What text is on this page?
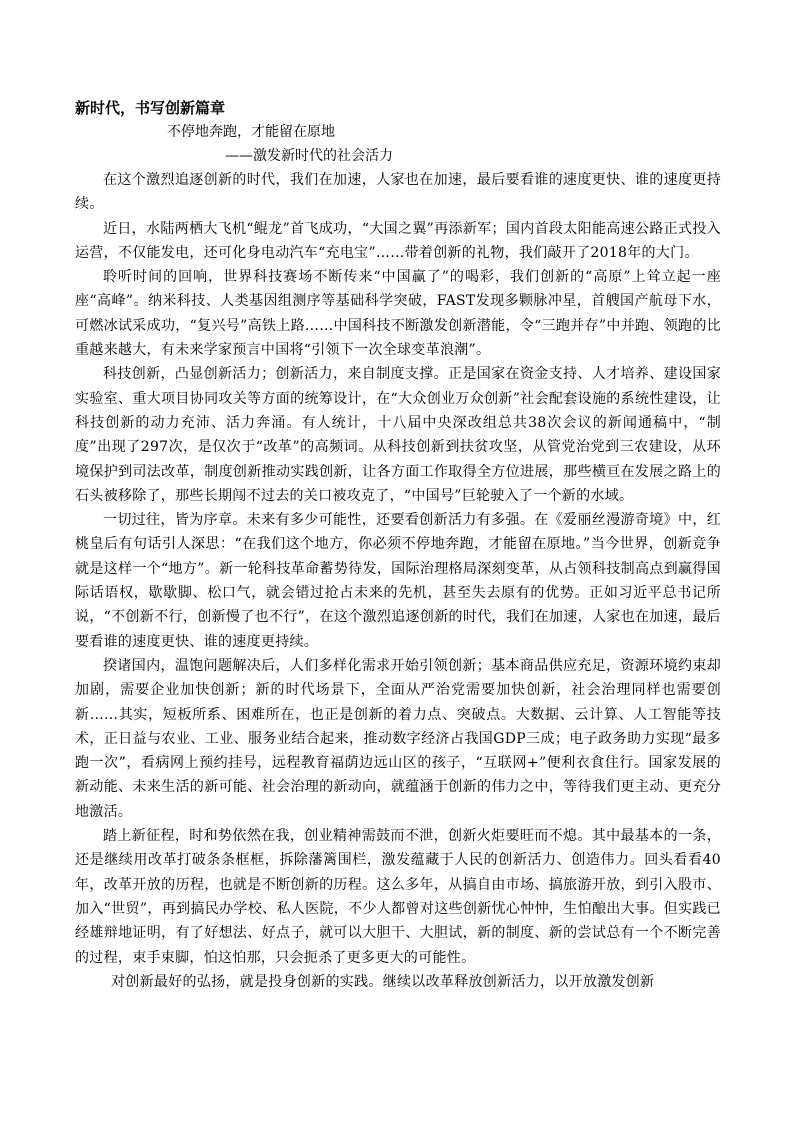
新时代，书写创新篇章

不停地奔跑，才能留在原地

——激发新时代的社会活力

在这个激烈追逐创新的时代，我们在加速，人家也在加速，最后要看谁的速度更快、谁的速度更持续。

近日，水陆两栖大飞机“鲲龙”首飞成功，“大国之翼”再添新军；国内首段太阳能高速公路正式投入运营，不仅能发电，还可化身电动汽车“充电宝”……带着创新的礼物，我们敲开了2018年的大门。

聆听时间的回响，世界科技赛场不断传来“中国赢了”的喝彩，我们创新的“高原”上耸立起一座座“高峰”。纳米科技、人类基因组测序等基础科学突破，FAST发现多颗脉冲星，首艘国产航母下水，可燃冰试采成功，“复兴号”高铁上路……中国科技不断激发创新潜能，令“三跑并存”中并跑、领跑的比重越来越大，有未来学家预言中国将“引领下一次全球变革浪潮”。

科技创新，凸显创新活力；创新活力，来自制度支撑。正是国家在资金支持、人才培养、建设国家实验室、重大项目协同攻关等方面的统筹设计，在“大众创业万众创新”社会配套设施的系统性建设，让科技创新的动力充沛、活力奔涌。有人统计，十八届中央深改组总共38次会议的新闻通稿中，“制度”出现了297次，是仅次于“改革”的高频词。从科技创新到扶贫攻坚，从管党治党到三农建设，从环境保护到司法改革，制度创新推动实践创新，让各方面工作取得全方位进展，那些横亘在发展之路上的石头被移除了，那些长期闯不过去的关口被攻克了，“中国号”巨轮驶入了一个新的水域。

一切过往，皆为序章。未来有多少可能性，还要看创新活力有多强。在《爱丽丝漫游奇境》中，红桃皇后有句话引人深思：“在我们这个地方，你必须不停地奔跑，才能留在原地。”当今世界，创新竞争就是这样一个“地方”。新一轮科技革命蓄势待发，国际治理格局深刻变革，从占领科技制高点到赢得国际话语权，歇歇脚、松口气，就会错过抢占未来的先机，甚至失去原有的优势。正如习近平总书记所说，“不创新不行，创新慢了也不行”，在这个激烈追逐创新的时代，我们在加速，人家也在加速，最后要看谁的速度更快、谁的速度更持续。

揆诸国内，温饱问题解决后，人们多样化需求开始引领创新；基本商品供应充足，资源环境约束却加剧，需要企业加快创新；新的时代场景下，全面从严治党需要加快创新，社会治理同样也需要创新……其实，短板所系、困难所在，也正是创新的着力点、突破点。大数据、云计算、人工智能等技术，正日益与农业、工业、服务业结合起来，推动数字经济占我国GDP三成；电子政务助力实现“最多跑一次”，看病网上预约挂号，远程教育福荫边远山区的孩子，“互联网+”便利衣食住行。国家发展的新动能、未来生活的新可能、社会治理的新动向，就蕴涵于创新的伟力之中，等待我们更主动、更充分地激活。

踏上新征程，时和势依然在我，创业精神需鼓而不泄，创新火炬要旺而不熄。其中最基本的一条，还是继续用改革打破条条框框，拆除藩篱围栏，激发蕴藏于人民的创新活力、创造伟力。回头看看40年，改革开放的历程，也就是不断创新的历程。这么多年，从搞自由市场、搞旅游开放，到引入股市、加入“世贸”，再到搞民办学校、私人医院，不少人都曾对这些创新忧心忡忡，生怕酿出大事。但实践已经雄辩地证明，有了好想法、好点子，就可以大胆干、大胆试，新的制度、新的尝试总有一个不断完善的过程，束手束脚，怕这怕那，只会扼杀了更多更大的可能性。

对创新最好的弘扬，就是投身创新的实践。继续以改革释放创新活力，以开放激发创新
